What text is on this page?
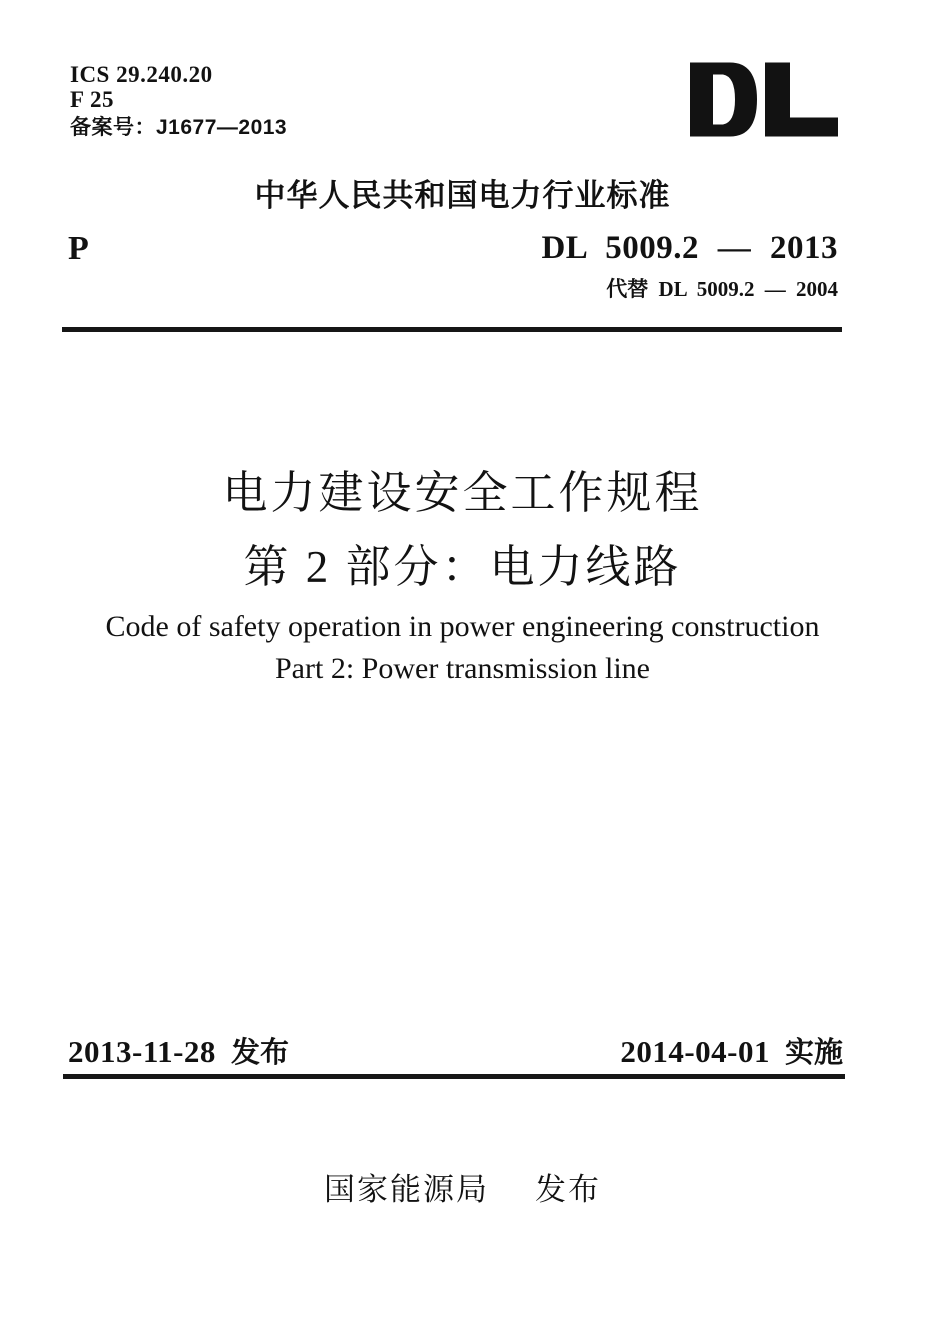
ICS 29.240.20
F 25
备案号：J1677—2013
中华人民共和国电力行业标准
P	DL 5009.2 — 2013
代替 DL 5009.2 — 2004
电力建设安全工作规程
第 2 部分：电力线路
Code of safety operation in power engineering construction
Part 2: Power transmission line
2013-11-28 发布	2014-04-01 实施
国家能源局 发布
